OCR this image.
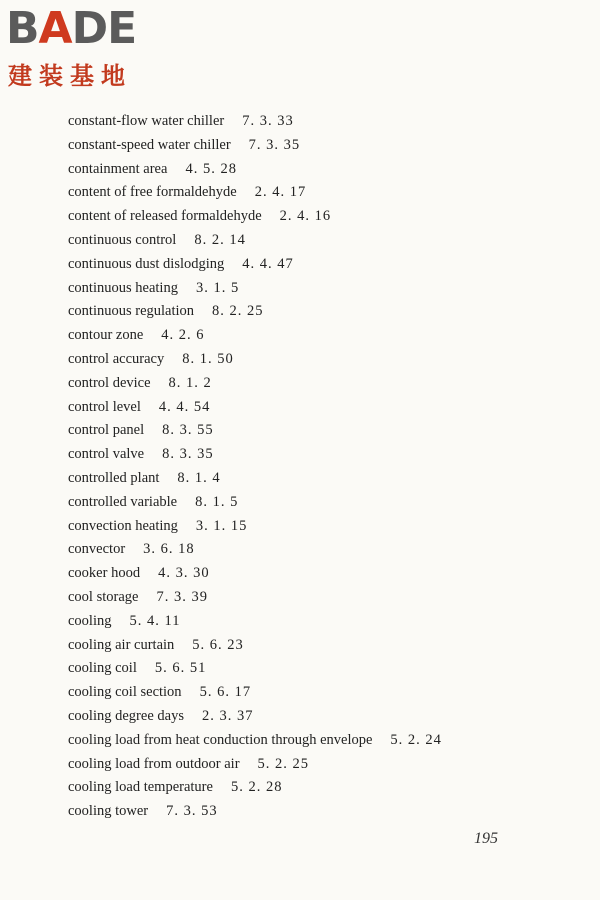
BADE
建装基地
constant-flow water chiller 7. 3. 33
constant-speed water chiller 7. 3. 35
containment area 4. 5. 28
content of free formaldehyde 2. 4. 17
content of released formaldehyde 2. 4. 16
continuous control 8. 2. 14
continuous dust dislodging 4. 4. 47
continuous heating 3. 1. 5
continuous regulation 8. 2. 25
contour zone 4. 2. 6
control accuracy 8. 1. 50
control device 8. 1. 2
control level 4. 4. 54
control panel 8. 3. 55
control valve 8. 3. 35
controlled plant 8. 1. 4
controlled variable 8. 1. 5
convection heating 3. 1. 15
convector 3. 6. 18
cooker hood 4. 3. 30
cool storage 7. 3. 39
cooling 5. 4. 11
cooling air curtain 5. 6. 23
cooling coil 5. 6. 51
cooling coil section 5. 6. 17
cooling degree days 2. 3. 37
cooling load from heat conduction through envelope 5. 2. 24
cooling load from outdoor air 5. 2. 25
cooling load temperature 5. 2. 28
cooling tower 7. 3. 53
195
